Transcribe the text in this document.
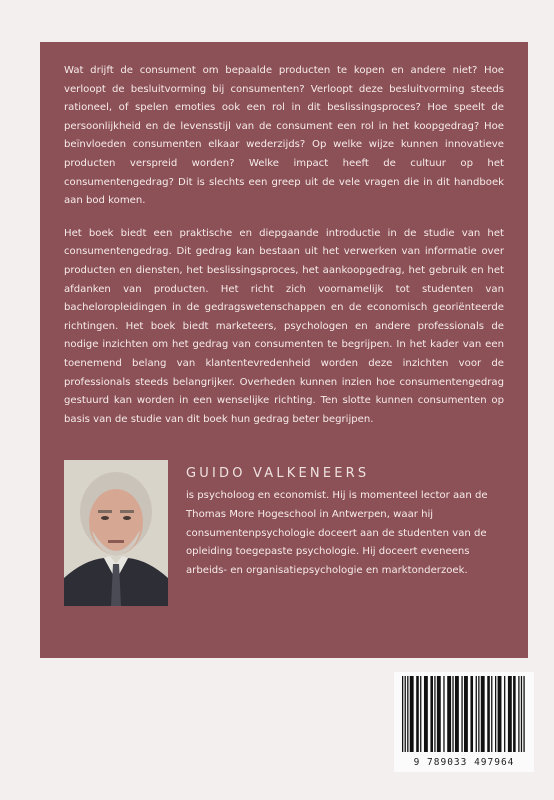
Wat drijft de consument om bepaalde producten te kopen en andere niet? Hoe verloopt de besluitvorming bij consumenten? Verloopt deze besluitvorming steeds rationeel, of spelen emoties ook een rol in dit beslissingsproces? Hoe speelt de persoonlijkheid en de levensstijl van de consument een rol in het koopgedrag? Hoe beïnvloeden consumenten elkaar wederzijds? Op welke wijze kunnen innovatieve producten verspreid worden? Welke impact heeft de cultuur op het consumentengedrag? Dit is slechts een greep uit de vele vragen die in dit handboek aan bod komen.

Het boek biedt een praktische en diepgaande introductie in de studie van het consumentengedrag. Dit gedrag kan bestaan uit het verwerken van informatie over producten en diensten, het beslissingsproces, het aankoopgedrag, het gebruik en het afdanken van producten. Het richt zich voornamelijk tot studenten van bacheloropleidingen in de gedragswetenschappen en de economisch georiënteerde richtingen. Het boek biedt marketeers, psychologen en andere professionals de nodige inzichten om het gedrag van consumenten te begrijpen. In het kader van een toenemend belang van klantentevredenheid worden deze inzichten voor de professionals steeds belangrijker. Overheden kunnen inzien hoe consumentengedrag gestuurd kan worden in een wenselijke richting. Ten slotte kunnen consumenten op basis van de studie van dit boek hun gedrag beter begrijpen.

GUIDO VALKENEERS

is psycholoog en economist. Hij is momenteel lector aan de Thomas More Hogeschool in Antwerpen, waar hij consumentenpsychologie doceert aan de studenten van de opleiding toegepaste psychologie. Hij doceert eveneens arbeids- en organisatiepsychologie en marktonderzoek.

9 789033 497964
